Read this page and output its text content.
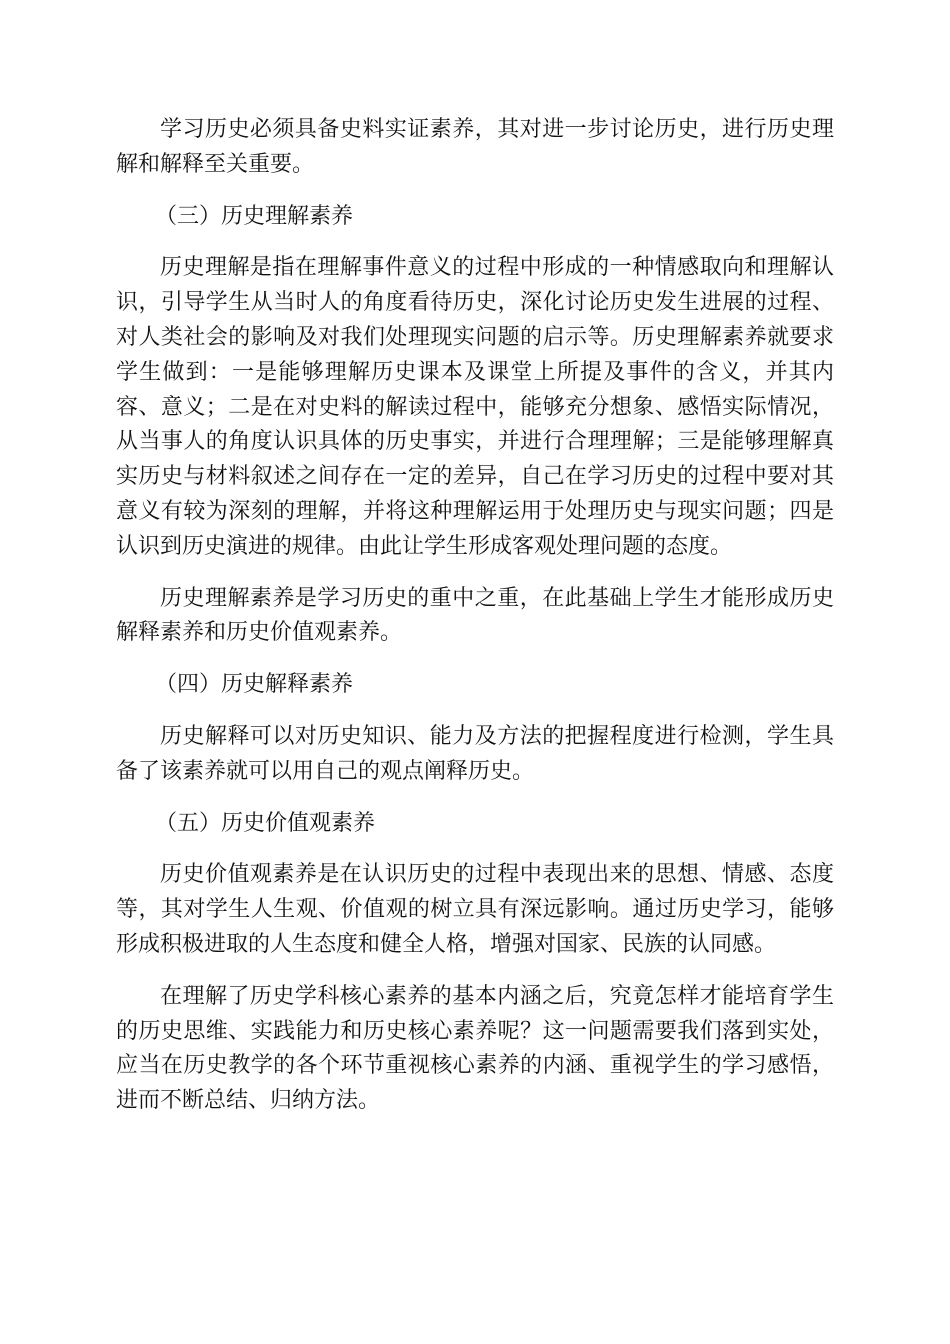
学习历史必须具备史料实证素养，其对进一步讨论历史，进行历史理解和解释至关重要。

（三）历史理解素养

历史理解是指在理解事件意义的过程中形成的一种情感取向和理解认识，引导学生从当时人的角度看待历史，深化讨论历史发生进展的过程、对人类社会的影响及对我们处理现实问题的启示等。历史理解素养就要求学生做到：一是能够理解历史课本及课堂上所提及事件的含义，并其内容、意义；二是在对史料的解读过程中，能够充分想象、感悟实际情况，从当事人的角度认识具体的历史事实，并进行合理理解；三是能够理解真实历史与材料叙述之间存在一定的差异，自己在学习历史的过程中要对其意义有较为深刻的理解，并将这种理解运用于处理历史与现实问题；四是认识到历史演进的规律。由此让学生形成客观处理问题的态度。

历史理解素养是学习历史的重中之重，在此基础上学生才能形成历史解释素养和历史价值观素养。

（四）历史解释素养

历史解释可以对历史知识、能力及方法的把握程度进行检测，学生具备了该素养就可以用自己的观点阐释历史。

（五）历史价值观素养

历史价值观素养是在认识历史的过程中表现出来的思想、情感、态度等，其对学生人生观、价值观的树立具有深远影响。通过历史学习，能够形成积极进取的人生态度和健全人格，增强对国家、民族的认同感。

在理解了历史学科核心素养的基本内涵之后，究竟怎样才能培育学生的历史思维、实践能力和历史核心素养呢？这一问题需要我们落到实处，应当在历史教学的各个环节重视核心素养的内涵、重视学生的学习感悟，进而不断总结、归纳方法。
